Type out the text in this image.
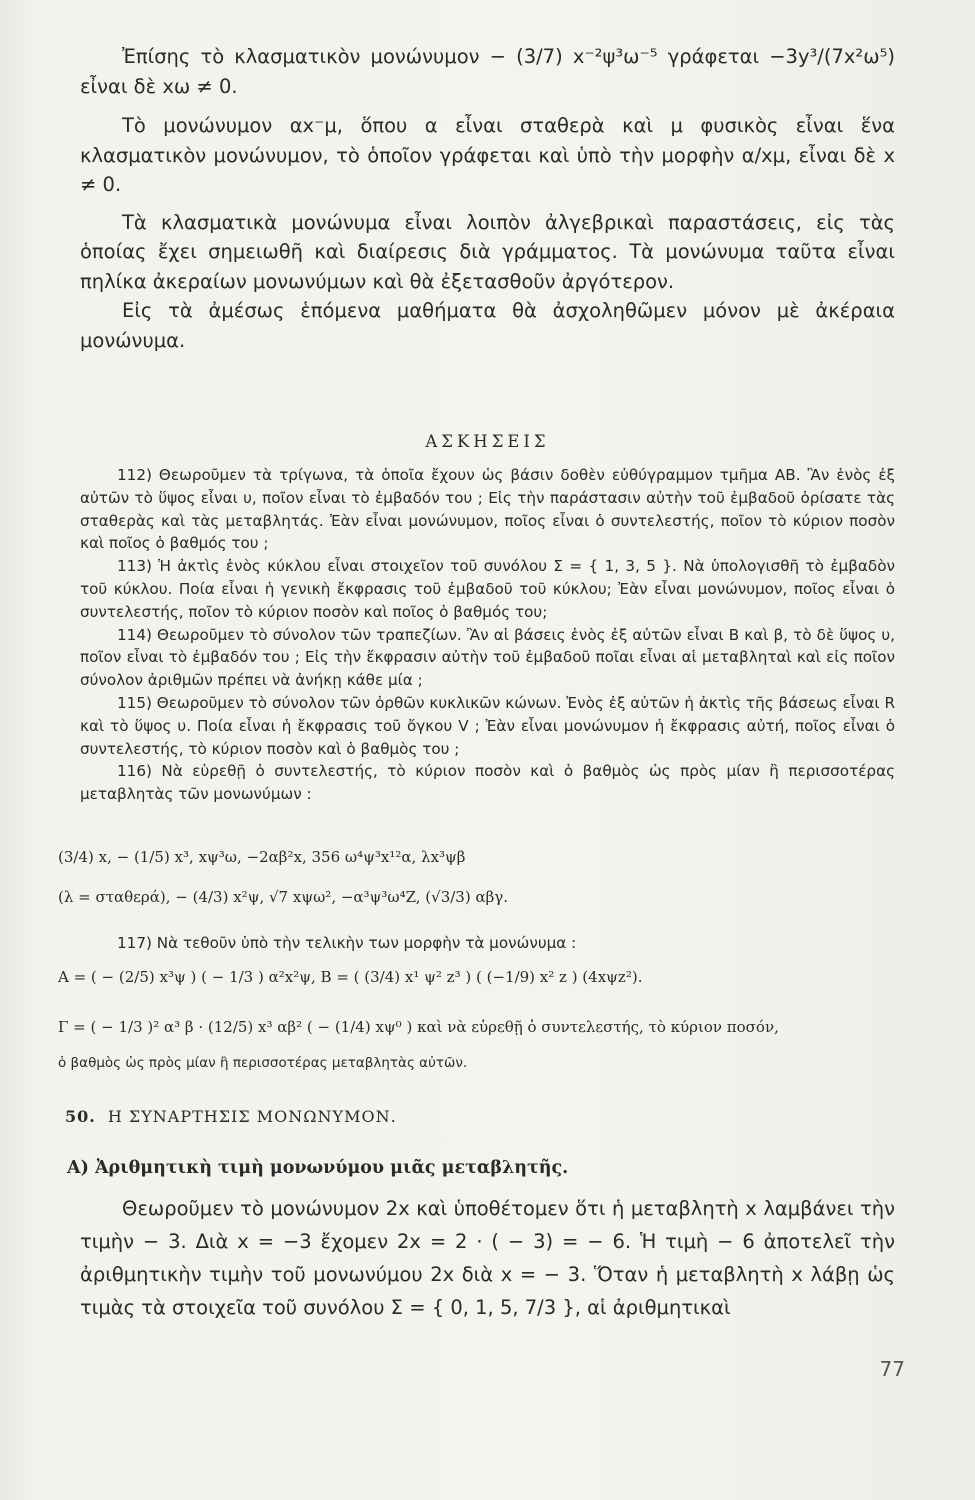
Ἐπίσης τὸ κλασματικὸν μονώνυμον − (3/7) x⁻²ψ³ω⁻⁵ γράφεται −3y³/(7x²ω⁵) εἶναι δὲ xω ≠ 0.

Τὸ μονώνυμον αx⁻μ, ὅπου α εἶναι σταθερὰ καὶ μ φυσικὸς εἶναι ἕνα κλασματικὸν μονώνυμον, τὸ ὁποῖον γράφεται καὶ ὑπὸ τὴν μορφὴν α/xμ, εἶναι δὲ x ≠ 0.

Τὰ κλασματικὰ μονώνυμα εἶναι λοιπὸν ἀλγεβρικαὶ παραστάσεις, εἰς τὰς ὁποίας ἔχει σημειωθῆ καὶ διαίρεσις διὰ γράμματος. Τὰ μονώνυμα ταῦτα εἶναι πηλίκα ἀκεραίων μονωνύμων καὶ θὰ ἐξετασθοῦν ἀργότερον.

Εἰς τὰ ἀμέσως ἑπόμενα μαθήματα θὰ ἀσχοληθῶμεν μόνον μὲ ἀκέραια μονώνυμα.

ΑΣΚΗΣΕΙΣ

112) Θεωροῦμεν τὰ τρίγωνα, τὰ ὁποῖα ἔχουν ὡς βάσιν δοθὲν εὐθύγραμμον τμῆμα ΑΒ. Ἂν ἑνὸς ἐξ αὐτῶν τὸ ὕψος εἶναι υ, ποῖον εἶναι τὸ ἐμβαδόν του ; Εἰς τὴν παράστασιν αὐτὴν τοῦ ἐμβαδοῦ ὁρίσατε τὰς σταθερὰς καὶ τὰς μεταβλητάς. Ἐὰν εἶναι μονώνυμον, ποῖος εἶναι ὁ συντελεστής, ποῖον τὸ κύριον ποσὸν καὶ ποῖος ὁ βαθμός του ;

113) Ἡ ἀκτὶς ἑνὸς κύκλου εἶναι στοιχεῖον τοῦ συνόλου Σ = { 1, 3, 5 }. Νὰ ὑπολογισθῆ τὸ ἐμβαδὸν τοῦ κύκλου. Ποία εἶναι ἡ γενικὴ ἔκφρασις τοῦ ἐμβαδοῦ τοῦ κύκλου; Ἐὰν εἶναι μονώνυμον, ποῖος εἶναι ὁ συντελεστής, ποῖον τὸ κύριον ποσὸν καὶ ποῖος ὁ βαθμός του;

114) Θεωροῦμεν τὸ σύνολον τῶν τραπεζίων. Ἂν αἱ βάσεις ἑνὸς ἐξ αὐτῶν εἶναι Β καὶ β, τὸ δὲ ὕψος υ, ποῖον εἶναι τὸ ἐμβαδόν του ; Εἰς τὴν ἔκφρασιν αὐτὴν τοῦ ἐμβαδοῦ ποῖαι εἶναι αἱ μεταβληταὶ καὶ εἰς ποῖον σύνολον ἀριθμῶν πρέπει νὰ ἀνήκῃ κάθε μία ;

115) Θεωροῦμεν τὸ σύνολον τῶν ὀρθῶν κυκλικῶν κώνων. Ἑνὸς ἐξ αὐτῶν ἡ ἀκτὶς τῆς βάσεως εἶναι R καὶ τὸ ὕψος υ. Ποία εἶναι ἡ ἔκφρασις τοῦ ὄγκου V ; Ἐὰν εἶναι μονώνυμον ἡ ἔκφρασις αὐτή, ποῖος εἶναι ὁ συντελεστής, τὸ κύριον ποσὸν καὶ ὁ βαθμὸς του ;

116) Νὰ εὑρεθῇ ὁ συντελεστής, τὸ κύριον ποσὸν καὶ ὁ βαθμὸς ὡς πρὸς μίαν ἢ περισσοτέρας μεταβλητὰς τῶν μονωνύμων :

(3/4) x, − (1/5) x³, xψ³ω, −2αβ²x, 356 ω⁴ψ³x¹²α, λx³ψβ
(λ = σταθερά), − (4/3) x²ψ, √7 xψω², −α³ψ³ω⁴Z, (√3/3) αβγ.

117) Νὰ τεθοῦν ὑπὸ τὴν τελικὴν των μορφὴν τὰ μονώνυμα :

Α = ( − (2/5) x³ψ ) ( − 1/3 ) α²x²ψ, Β = ( (3/4) x¹ ψ² z³ ) ( (−1/9) x² z ) (4xψz²).
Γ = ( − 1/3 )² α³ β · (12/5) x³ αβ² ( − (1/4) xψ⁰ ) καὶ νὰ εὑρεθῇ ὁ συντελεστής, τὸ κύριον ποσόν,
ὁ βαθμὸς ὡς πρὸς μίαν ἢ περισσοτέρας μεταβλητὰς αὐτῶν.
50. Η ΣΥΝΑΡΤΗΣΙΣ ΜΟΝΩΝΥΜΟΝ.
Α) Ἀριθμητικὴ τιμὴ μονωνύμου μιᾶς μεταβλητῆς.

Θεωροῦμεν τὸ μονώνυμον 2x καὶ ὑποθέτομεν ὅτι ἡ μεταβλητὴ x λαμβάνει τὴν τιμὴν − 3. Διὰ x = −3 ἔχομεν 2x = 2 · ( − 3) = − 6. Ἡ τιμὴ − 6 ἀποτελεῖ τὴν ἀριθμητικὴν τιμὴν τοῦ μονωνύμου 2x διὰ x = − 3. Ὅταν ἡ μεταβλητὴ x λάβῃ ὡς τιμὰς τὰ στοιχεῖα τοῦ συνόλου Σ = { 0, 1, 5, 7/3 }, αἱ ἀριθμητικαὶ

77
